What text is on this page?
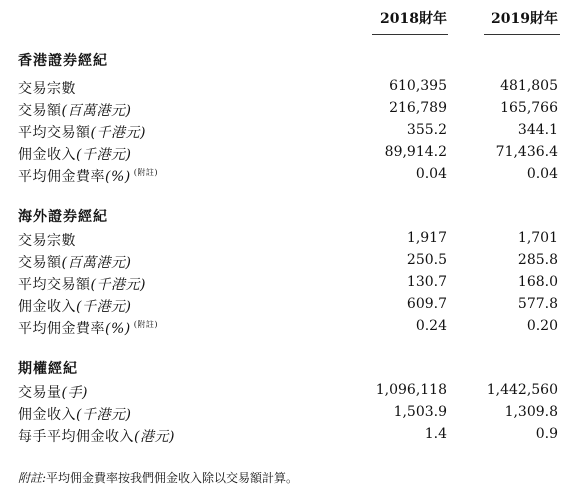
2018財年	2019財年
香港證券經紀
交易宗數	610,395	481,805
交易額(百萬港元)	216,789	165,766
平均交易額(千港元)	355.2	344.1
佣金收入(千港元)	89,914.2	71,436.4
平均佣金費率(%) $^{(附註)}$	0.04	0.04
海外證券經紀
交易宗數	1,917	1,701
交易額(百萬港元)	250.5	285.8
平均交易額(千港元)	130.7	168.0
佣金收入(千港元)	609.7	577.8
平均佣金費率(%) $^{(附註)}$	0.24	0.20
期權經紀
交易量(手)	1,096,118	1,442,560
佣金收入(千港元)	1,503.9	1,309.8
每手平均佣金收入(港元)	1.4	0.9
附註:平均佣金費率按我們佣金收入除以交易額計算。
